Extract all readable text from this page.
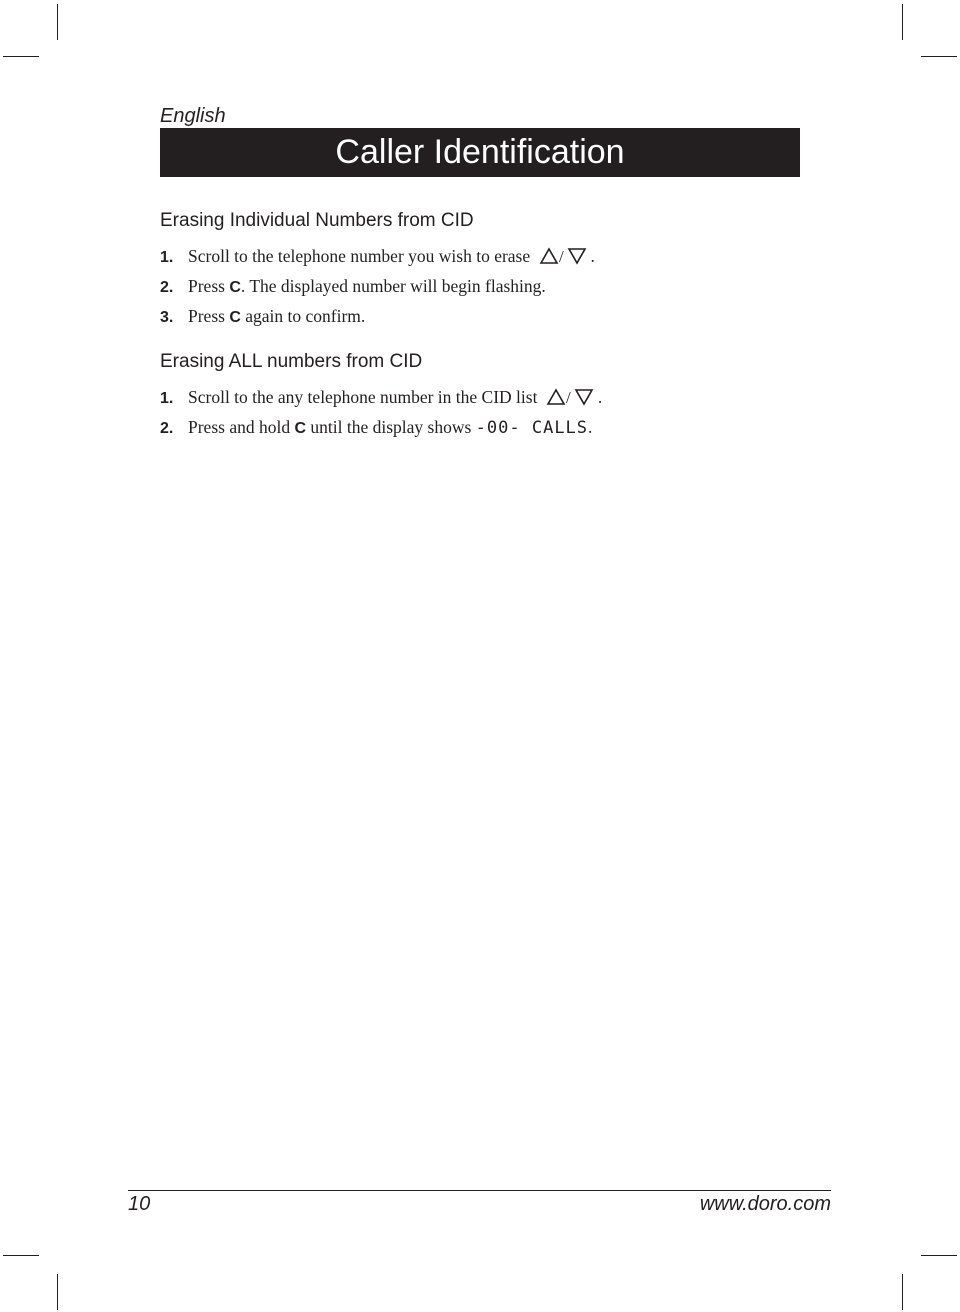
English
Caller Identification
Erasing Individual Numbers from CID
1. Scroll to the telephone number you wish to erase / .
2. Press C. The displayed number will begin flashing.
3. Press C again to confirm.
Erasing ALL numbers from CID
1. Scroll to the any telephone number in the CID list / .
2. Press and hold C until the display shows -00- CALLS.
10	www.doro.com
